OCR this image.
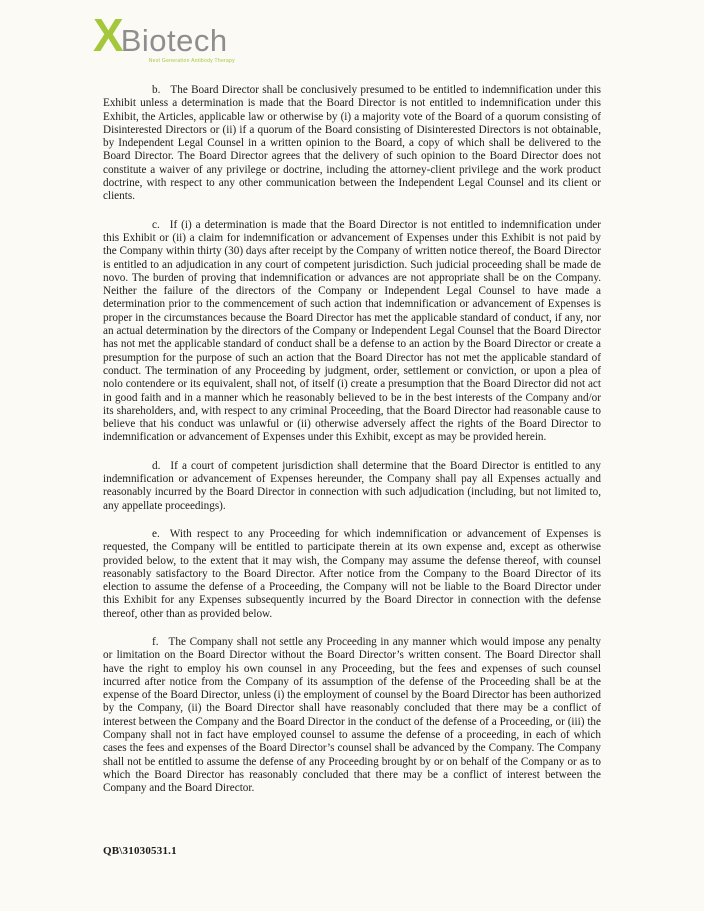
X Biotech
Next Generation Antibody Therapy

b. The Board Director shall be conclusively presumed to be entitled to indemnification under this Exhibit unless a determination is made that the Board Director is not entitled to indemnification under this Exhibit, the Articles, applicable law or otherwise by (i) a majority vote of the Board of a quorum consisting of Disinterested Directors or (ii) if a quorum of the Board consisting of Disinterested Directors is not obtainable, by Independent Legal Counsel in a written opinion to the Board, a copy of which shall be delivered to the Board Director. The Board Director agrees that the delivery of such opinion to the Board Director does not constitute a waiver of any privilege or doctrine, including the attorney-client privilege and the work product doctrine, with respect to any other communication between the Independent Legal Counsel and its client or clients.

c. If (i) a determination is made that the Board Director is not entitled to indemnification under this Exhibit or (ii) a claim for indemnification or advancement of Expenses under this Exhibit is not paid by the Company within thirty (30) days after receipt by the Company of written notice thereof, the Board Director is entitled to an adjudication in any court of competent jurisdiction. Such judicial proceeding shall be made de novo. The burden of proving that indemnification or advances are not appropriate shall be on the Company. Neither the failure of the directors of the Company or Independent Legal Counsel to have made a determination prior to the commencement of such action that indemnification or advancement of Expenses is proper in the circumstances because the Board Director has met the applicable standard of conduct, if any, nor an actual determination by the directors of the Company or Independent Legal Counsel that the Board Director has not met the applicable standard of conduct shall be a defense to an action by the Board Director or create a presumption for the purpose of such an action that the Board Director has not met the applicable standard of conduct. The termination of any Proceeding by judgment, order, settlement or conviction, or upon a plea of nolo contendere or its equivalent, shall not, of itself (i) create a presumption that the Board Director did not act in good faith and in a manner which he reasonably believed to be in the best interests of the Company and/or its shareholders, and, with respect to any criminal Proceeding, that the Board Director had reasonable cause to believe that his conduct was unlawful or (ii) otherwise adversely affect the rights of the Board Director to indemnification or advancement of Expenses under this Exhibit, except as may be provided herein.

d. If a court of competent jurisdiction shall determine that the Board Director is entitled to any indemnification or advancement of Expenses hereunder, the Company shall pay all Expenses actually and reasonably incurred by the Board Director in connection with such adjudication (including, but not limited to, any appellate proceedings).

e. With respect to any Proceeding for which indemnification or advancement of Expenses is requested, the Company will be entitled to participate therein at its own expense and, except as otherwise provided below, to the extent that it may wish, the Company may assume the defense thereof, with counsel reasonably satisfactory to the Board Director. After notice from the Company to the Board Director of its election to assume the defense of a Proceeding, the Company will not be liable to the Board Director under this Exhibit for any Expenses subsequently incurred by the Board Director in connection with the defense thereof, other than as provided below.

f. The Company shall not settle any Proceeding in any manner which would impose any penalty or limitation on the Board Director without the Board Director’s written consent. The Board Director shall have the right to employ his own counsel in any Proceeding, but the fees and expenses of such counsel incurred after notice from the Company of its assumption of the defense of the Proceeding shall be at the expense of the Board Director, unless (i) the employment of counsel by the Board Director has been authorized by the Company, (ii) the Board Director shall have reasonably concluded that there may be a conflict of interest between the Company and the Board Director in the conduct of the defense of a Proceeding, or (iii) the Company shall not in fact have employed counsel to assume the defense of a proceeding, in each of which cases the fees and expenses of the Board Director’s counsel shall be advanced by the Company. The Company shall not be entitled to assume the defense of any Proceeding brought by or on behalf of the Company or as to which the Board Director has reasonably concluded that there may be a conflict of interest between the Company and the Board Director.

QB\31030531.1
